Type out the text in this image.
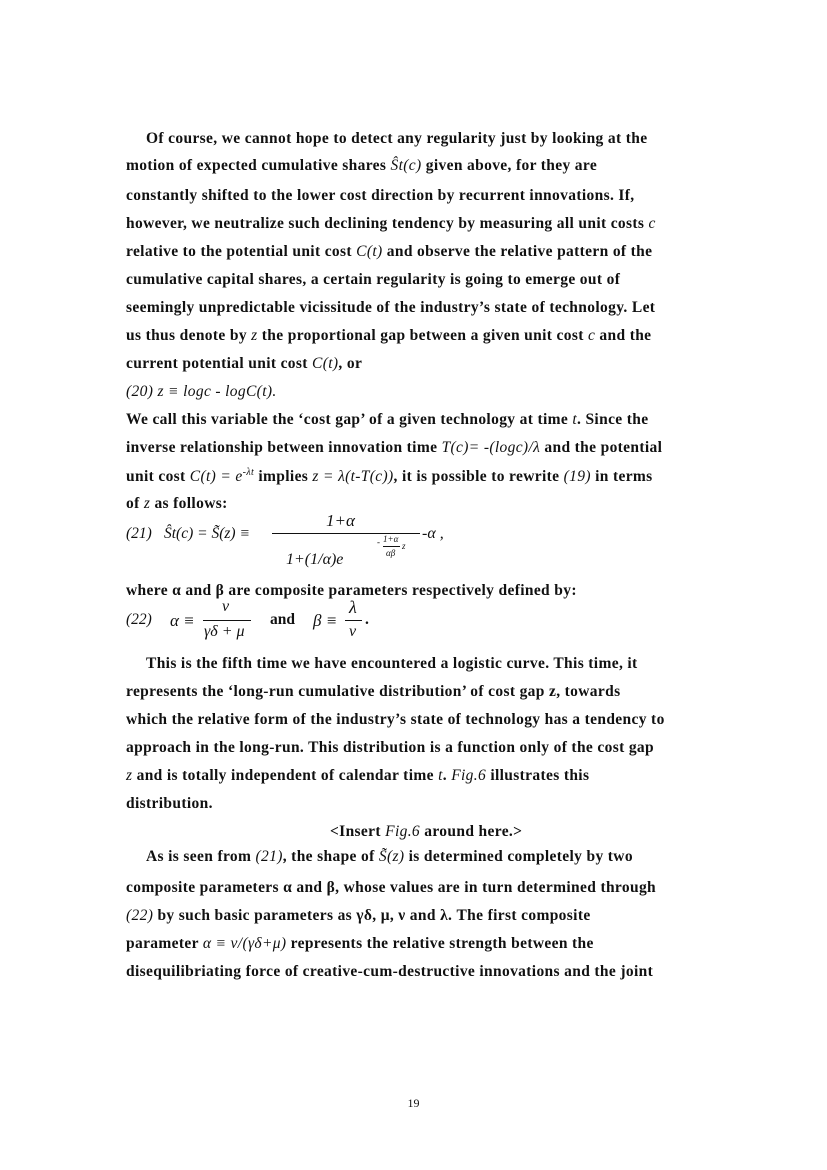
Of course, we cannot hope to detect any regularity just by looking at the
motion of expected cumulative shares Ŝt(c) given above, for they are
constantly shifted to the lower cost direction by recurrent innovations. If,
however, we neutralize such declining tendency by measuring all unit costs c
relative to the potential unit cost C(t) and observe the relative pattern of the
cumulative capital shares, a certain regularity is going to emerge out of
seemingly unpredictable vicissitude of the industry’s state of technology. Let
us thus denote by z the proportional gap between a given unit cost c and the
current potential unit cost C(t), or
(20) z ≡ logc - logC(t).
We call this variable the ‘cost gap’ of a given technology at time t. Since the
inverse relationship between innovation time T(c)= -(logc)/λ and the potential
unit cost $C(t) = e^{-\lambda t}$ implies z = λ(t-T(c)), it is possible to rewrite (19) in terms
of z as follows:
(21) Ŝt(c) = S̃(z) ≡
1+α
- 1+α
αβ
z
1+(1/α)e
-α ,
where α and β are composite parameters respectively defined by:
(22) α ≡
ν
γδ + μ
and β ≡
λ
ν
.
This is the fifth time we have encountered a logistic curve. This time, it
represents the ‘long-run cumulative distribution’ of cost gap z, towards
which the relative form of the industry’s state of technology has a tendency to
approach in the long-run. This distribution is a function only of the cost gap
z and is totally independent of calendar time t. Fig.6 illustrates this
distribution.
<Insert Fig.6 around here.>
As is seen from (21), the shape of S̃(z) is determined completely by two
composite parameters α and β, whose values are in turn determined through
(22) by such basic parameters as γδ, μ, ν and λ. The first composite
parameter α ≡ ν/(γδ+μ) represents the relative strength between the
disequilibriating force of creative-cum-destructive innovations and the joint
19
